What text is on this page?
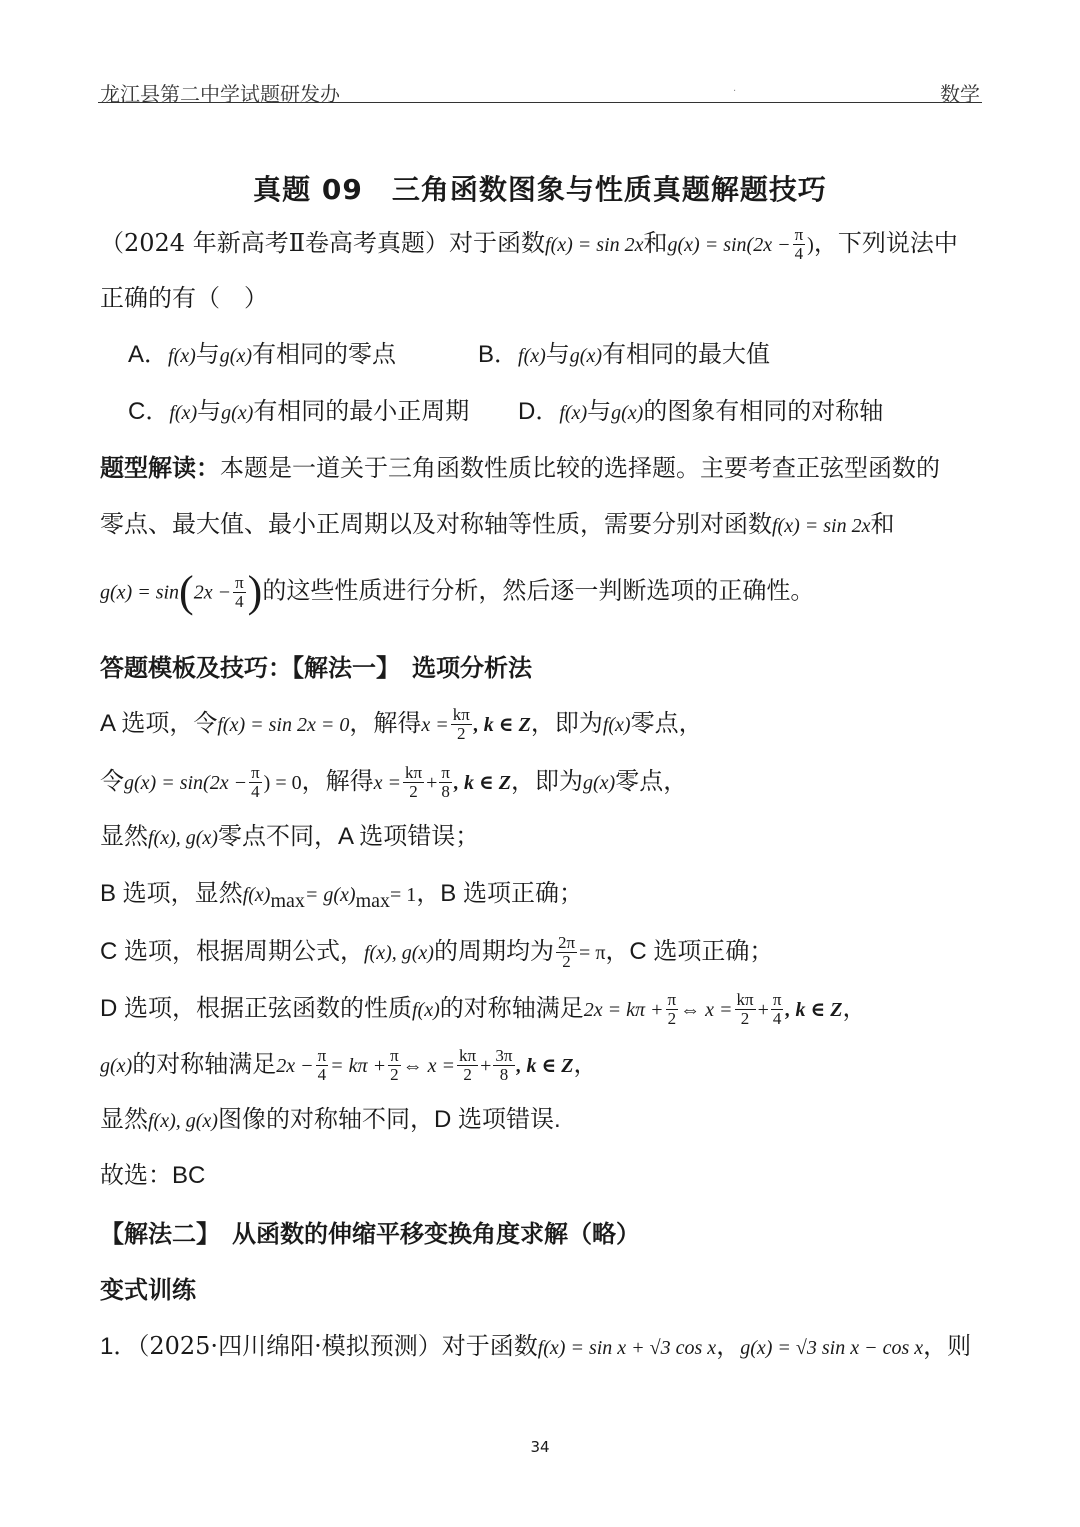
龙江县第二中学试题研发办	·	数学
真题 09　三角函数图象与性质真题解题技巧
（2024 年新高考Ⅱ卷高考真题）对于函数f(x) = sin 2x和$g(x) = \sin(2x - \frac{\pi}{4}$ )，下列说法中
正确的有（　）
A．f(x)与g(x)有相同的零点	B．f(x)与g(x)有相同的最大值
C．f(x)与g(x)有相同的最小正周期 D．f(x)与g(x)的图象有相同的对称轴
题型解读：本题是一道关于三角函数性质比较的选择题。主要考查正弦型函数的
零点、最大值、最小正周期以及对称轴等性质，需要分别对函数f(x) = sin 2x和
$g(x) = \sin(2x - \frac{\pi}{4}$ )的这些性质进行分析，然后逐一判断选项的正确性。
答题模板及技巧：【解法一】　选项分析法
A 选项，令f(x) = sin 2x = 0，解得$x = \frac{k\pi}{2}$ , k ∈ Z，即为f(x)零点，
令$g(x) = \sin(2x - \frac{\pi}{4}$ ) = 0，解得$x = \frac{k\pi}{2} + \frac{\pi}{8}$ , k ∈ Z，即为g(x)零点，
显然f(x), g(x)零点不同，A 选项错误；
B 选项，显然$f(x)_{max}= g(x)_{max}= 1$，B 选项正确；
C 选项，根据周期公式，f(x), g(x)的周期均为 $\frac{2\pi}{2} = \pi$，C 选项正确；
D 选项，根据正弦函数的性质f(x)的对称轴满足$2x = k\pi + \frac{\pi}{2}$ ⇔ $x = \frac{k\pi}{2} + \frac{\pi}{4}$ , k ∈ Z，
g(x)的对称轴满足$2x - \frac{\pi}{4} = k\pi + \frac{\pi}{2}$ ⇔ $x = \frac{k\pi}{2} + \frac{3\pi}{8}$ , k ∈ Z，
显然f(x), g(x)图像的对称轴不同，D 选项错误.
故选：BC
【解法二】　从函数的伸缩平移变换角度求解（略）
变式训练
1．（2025·四川绵阳·模拟预测）对于函数f(x) = sin x + √3 cos x，g(x) = √3 sin x − cos x，则
34
